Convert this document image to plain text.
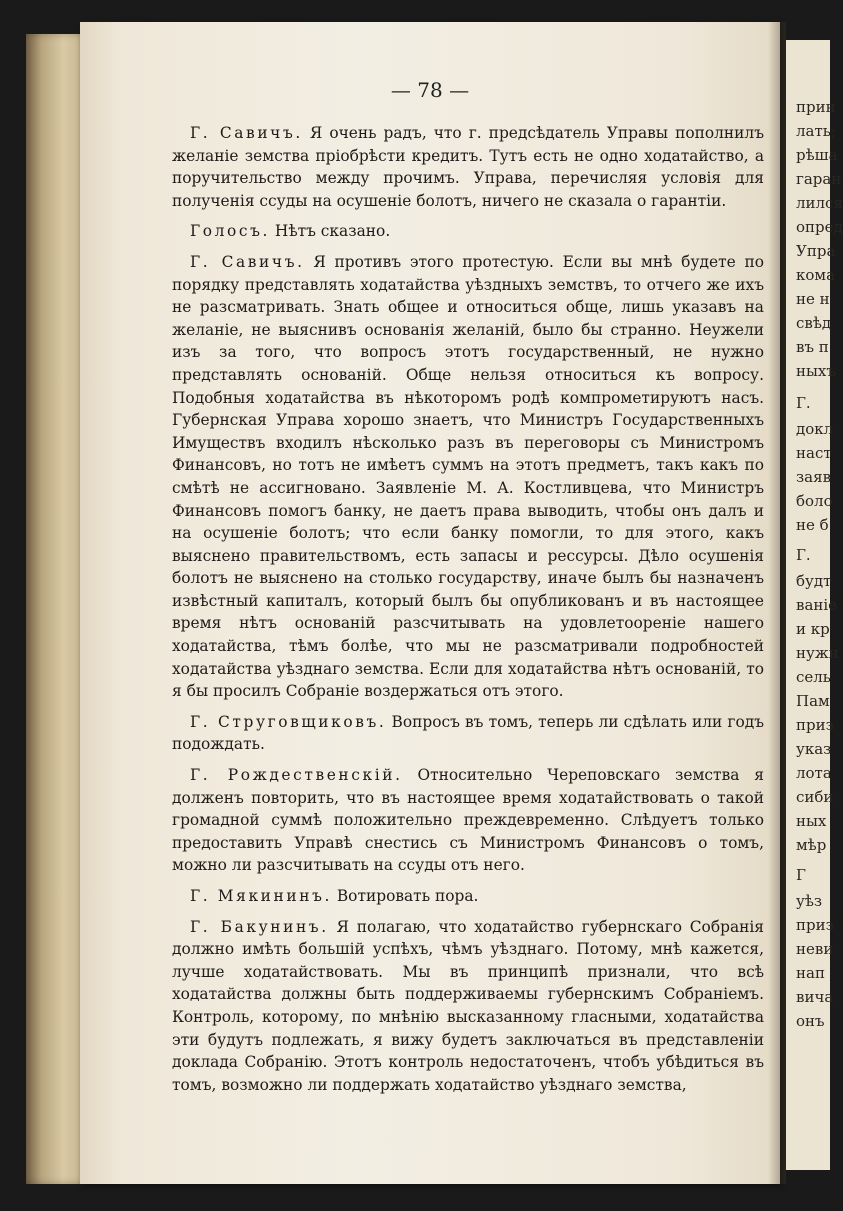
прин
лать;
рѣша
гаран
лился
опред
Упра
кома
не н
свѣд
въ п
ныхъ
Г.
докл
наст
заяв
боло
не б
Г.
будт
ваніе
и кр
нужн
сель
Пам
приз
указ
лота
сиби
ных
мѣр
Г
уѣз
приз
неви
нап
вича
онъ
— 78 —

Г. Савичъ. Я очень радъ, что г. предсѣдатель Управы пополнилъ желаніе земства пріобрѣсти кредитъ. Тутъ есть не одно ходатайство, а поручительство между прочимъ. Управа, перечисляя условія для полученія ссуды на осушеніе болотъ, ничего не сказала о гарантіи.

Голосъ. Нѣтъ сказано.

Г. Савичъ. Я противъ этого протестую. Если вы мнѣ будете по порядку представлять ходатайства уѣздныхъ земствъ, то отчего же ихъ не разсматривать. Знать общее и относиться обще, лишь указавъ на желаніе, не выяснивъ основанія желаній, было бы странно. Неужели изъ за того, что вопросъ этотъ государственный, не нужно представлять основаній. Обще нельзя относиться къ вопросу. Подобныя ходатайства въ нѣкоторомъ родѣ компрометируютъ насъ. Губернская Управа хорошо знаетъ, что Министръ Государственныхъ Имуществъ входилъ нѣсколько разъ въ переговоры съ Министромъ Финансовъ, но тотъ не имѣетъ суммъ на этотъ предметъ, такъ какъ по смѣтѣ не ассигновано. Заявленіе М. А. Костливцева, что Министръ Финансовъ помогъ банку, не даетъ права выводить, чтобы онъ далъ и на осушеніе болотъ; что если банку помогли, то для этого, какъ выяснено правительствомъ, есть запасы и рессурсы. Дѣло осушенія болотъ не выяснено на столько государству, иначе былъ бы назначенъ извѣстный капиталъ, который былъ бы опубликованъ и въ настоящее время нѣтъ основаній разсчитывать на удовлетооpеніе нашего ходатайства, тѣмъ болѣе, что мы не разсматривали подробностей ходатайства уѣзднаго земства. Если для ходатайства нѣтъ основаній, то я бы просилъ Собраніе воздержаться отъ этого.

Г. Струговщиковъ. Вопросъ въ томъ, теперь ли сдѣлать или годъ подождать.

Г. Рождественскій. Относительно Череповскаго земства я долженъ повторить, что въ настоящее время ходатайствовать о такой громадной суммѣ положительно преждевременно. Слѣдуетъ только предоставить Управѣ снестись съ Министромъ Финансовъ о томъ, можно ли разсчитывать на ссуды отъ него.

Г. Мякининъ. Вотировать пора.

Г. Бакунинъ. Я полагаю, что ходатайство губернскаго Собранія должно имѣть большій успѣхъ, чѣмъ уѣзднаго. Потому, мнѣ кажется, лучше ходатайствовать. Мы въ принципѣ признали, что всѣ ходатайства должны быть поддерживаемы губернскимъ Собраніемъ. Контроль, которому, по мнѣнію высказанному гласными, ходатайства эти будутъ подлежать, я вижу будетъ заключаться въ представленіи доклада Собранію. Этотъ контроль недостаточенъ, чтобъ убѣдиться въ томъ, возможно ли поддержать ходатайство уѣзднаго земства,
